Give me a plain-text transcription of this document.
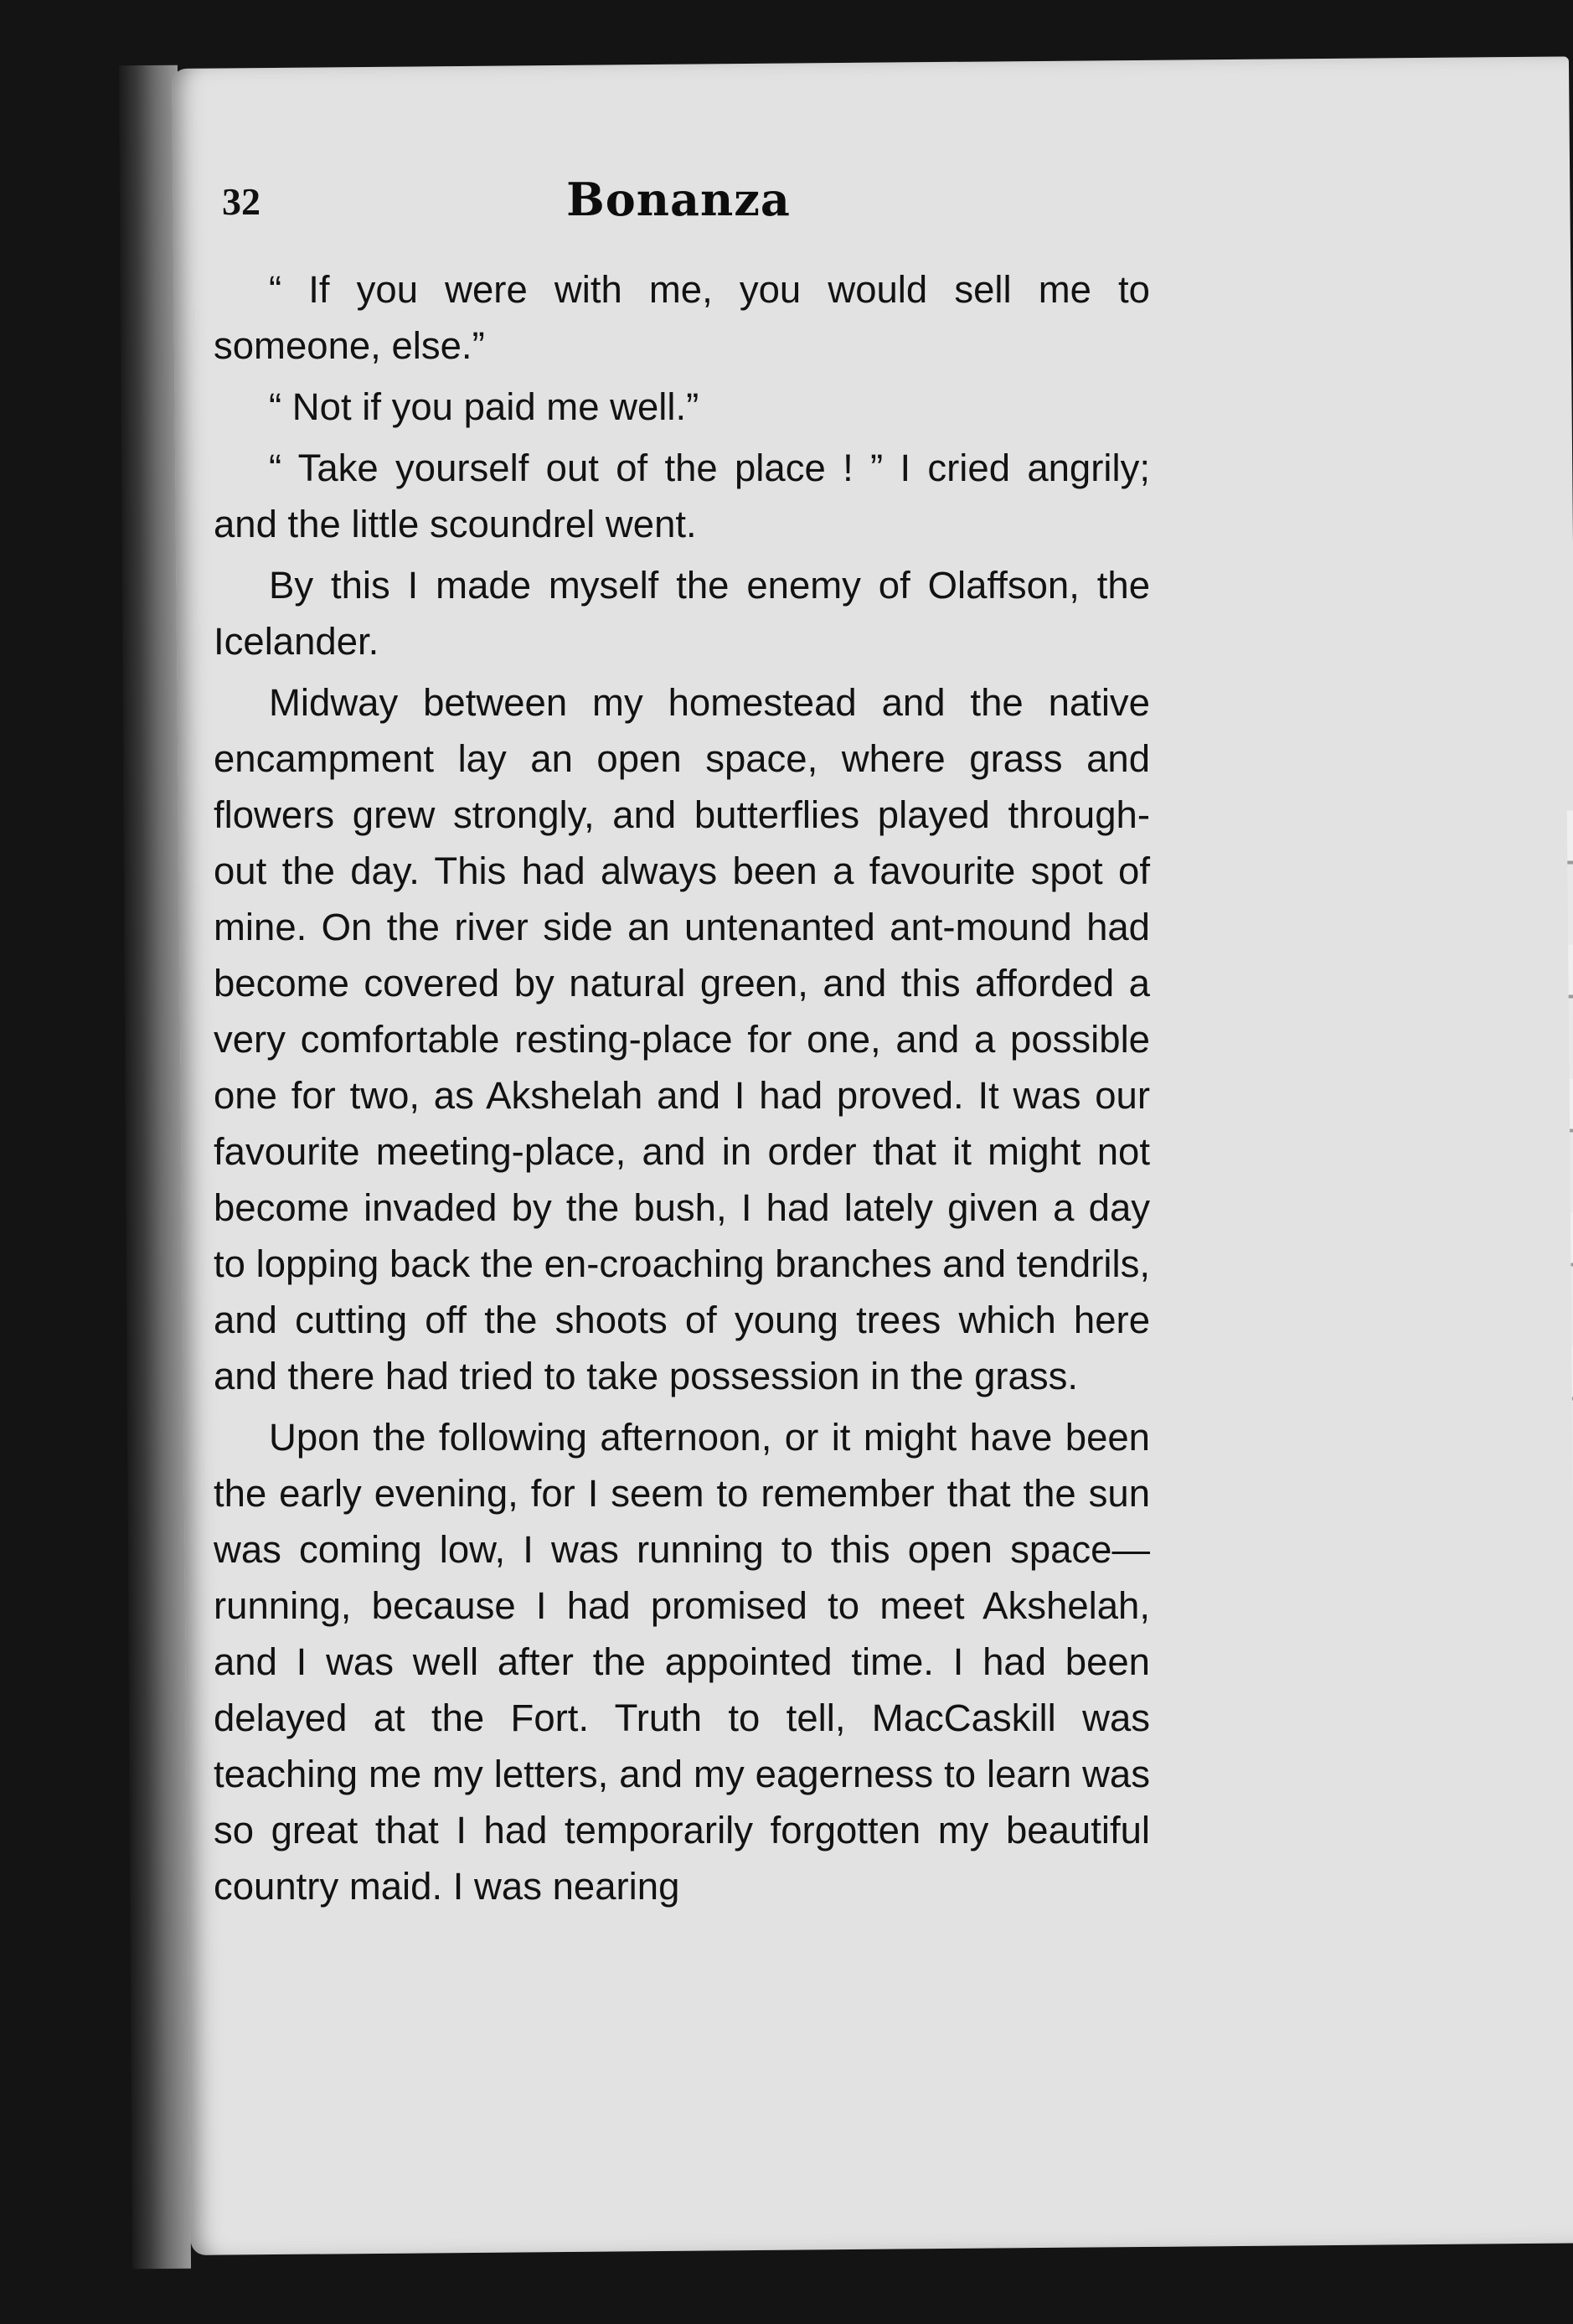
32	Bonanza

“ If you were with me, you would sell me to someone, else.”

“ Not if you paid me well.”

“ Take yourself out of the place ! ” I cried angrily; and the little scoundrel went.

By this I made myself the enemy of Olaffson, the Icelander.

Midway between my homestead and the native encampment lay an open space, where grass and flowers grew strongly, and butterflies played through-out the day. This had always been a favourite spot of mine. On the river side an untenanted ant-mound had become covered by natural green, and this afforded a very comfortable resting-place for one, and a possible one for two, as Akshelah and I had proved. It was our favourite meeting-place, and in order that it might not become invaded by the bush, I had lately given a day to lopping back the en-croaching branches and tendrils, and cutting off the shoots of young trees which here and there had tried to take possession in the grass.

Upon the following afternoon, or it might have been the early evening, for I seem to remember that the sun was coming low, I was running to this open space—running, because I had promised to meet Akshelah, and I was well after the appointed time. I had been delayed at the Fort. Truth to tell, MacCaskill was teaching me my letters, and my eagerness to learn was so great that I had temporarily forgotten my beautiful country maid. I was nearing
